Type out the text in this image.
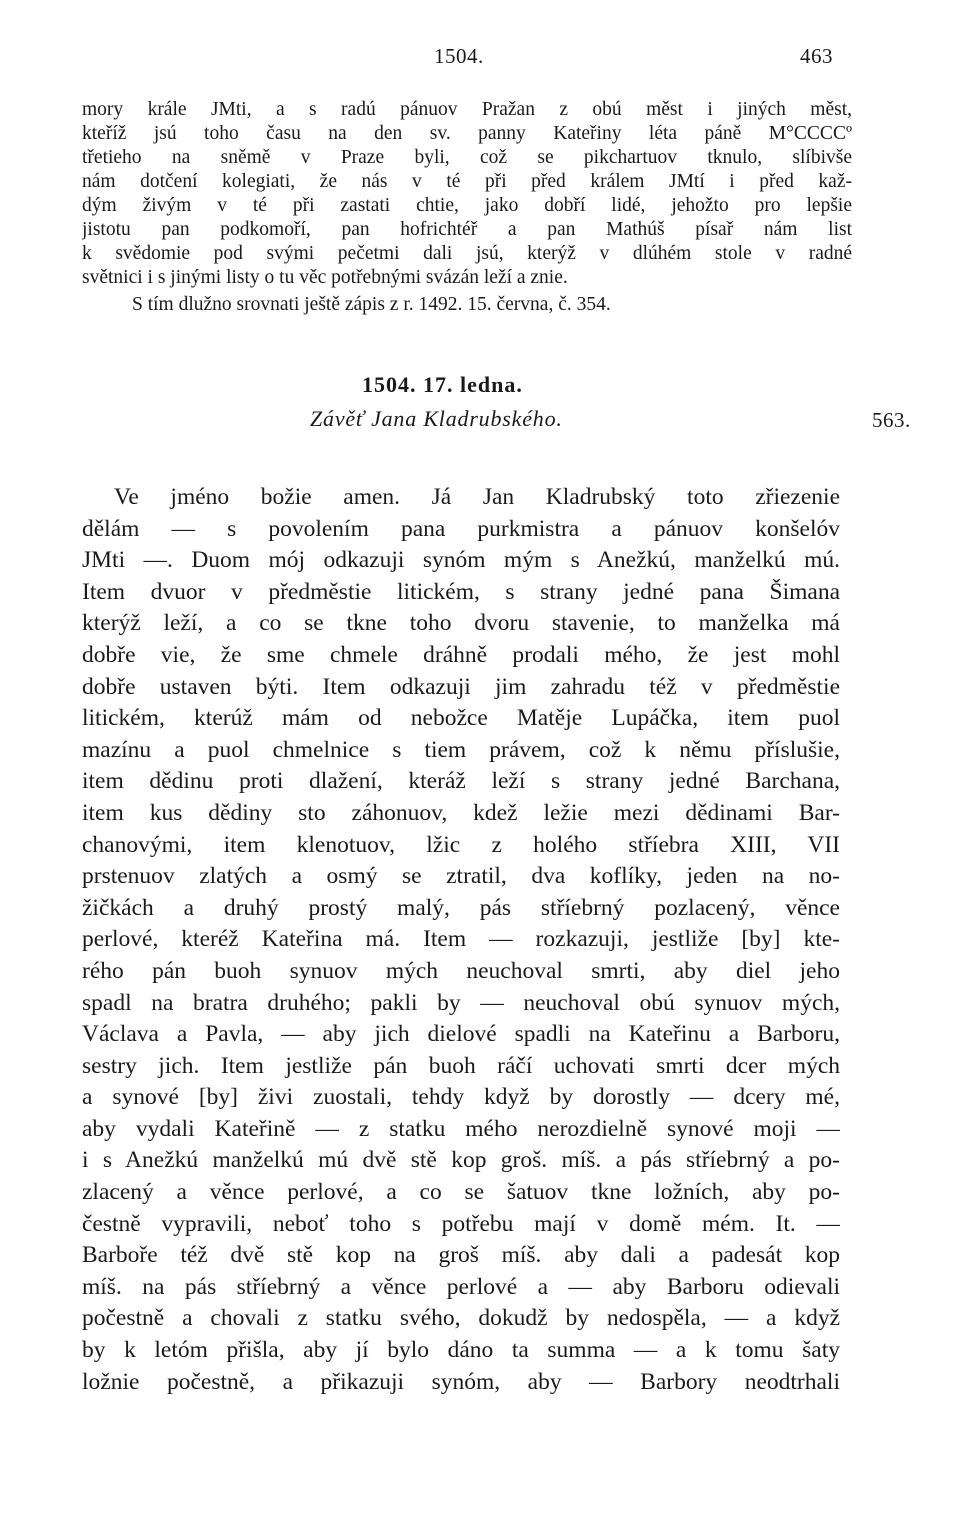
1504.	463
mory krále JMti, a s radú pánuov Pražan z obú měst i jiných měst,
kteříž jsú toho času na den sv. panny Kateřiny léta páně M°CCCCº
třetieho na sněmě v Praze byli, což se pikchartuov tknulo, slíbivše
nám dotčení kolegiati, že nás v té při před králem JMtí i před kaž-
dým živým v té při zastati chtie, jako dobří lidé, jehožto pro lepšie
jistotu pan podkomoří, pan hofrichtéř a pan Mathúš písař nám list
k svědomie pod svými pečetmi dali jsú, kterýž v dlúhém stole v radné
světnici i s jinými listy o tu věc potřebnými svázán leží a znie.
S tím dlužno srovnati ještě zápis z r. 1492. 15. června, č. 354.
1504. 17. ledna.
Závěť Jana Kladrubského.	563.
Ve jméno božie amen. Já Jan Kladrubský toto zřiezenie
dělám — s povolením pana purkmistra a pánuov konšelóv
JMti —. Duom mój odkazuji synóm mým s Anežkú, manželkú mú.
Item dvuor v předměstie litickém, s strany jedné pana Šimana
kterýž leží, a co se tkne toho dvoru stavenie, to manželka má
dobře vie, že sme chmele dráhně prodali mého, že jest mohl
dobře ustaven býti. Item odkazuji jim zahradu též v předměstie
litickém, kterúž mám od nebožce Matěje Lupáčka, item puol
mazínu a puol chmelnice s tiem právem, což k němu příslušie,
item dědinu proti dlažení, kteráž leží s strany jedné Barchana,
item kus dědiny sto záhonuov, kdež ležie mezi dědinami Bar-
chanovými, item klenotuov, lžic z holého stříebra XIII, VII
prstenuov zlatých a osmý se ztratil, dva koflíky, jeden na no-
žičkách a druhý prostý malý, pás stříebrný pozlacený, věnce
perlové, kteréž Kateřina má. Item — rozkazuji, jestliže [by] kte-
rého pán buoh synuov mých neuchoval smrti, aby diel jeho
spadl na bratra druhého; pakli by — neuchoval obú synuov mých,
Václava a Pavla, — aby jich dielové spadli na Kateřinu a Barboru,
sestry jich. Item jestliže pán buoh ráčí uchovati smrti dcer mých
a synové [by] živi zuostali, tehdy když by dorostly — dcery mé,
aby vydali Kateřině — z statku mého nerozdielně synové moji —
i s Anežkú manželkú mú dvě stě kop groš. míš. a pás stříebrný a po-
zlacený a věnce perlové, a co se šatuov tkne ložních, aby po-
čestně vypravili, neboť toho s potřebu mají v domě mém. It. —
Barboře též dvě stě kop na groš míš. aby dali a padesát kop
míš. na pás stříebrný a věnce perlové a — aby Barboru odievali
počestně a chovali z statku svého, dokudž by nedospěla, — a když
by k letóm přišla, aby jí bylo dáno ta summa — a k tomu šaty
ložnie počestně, a přikazuji synóm, aby — Barbory neodtrhali
